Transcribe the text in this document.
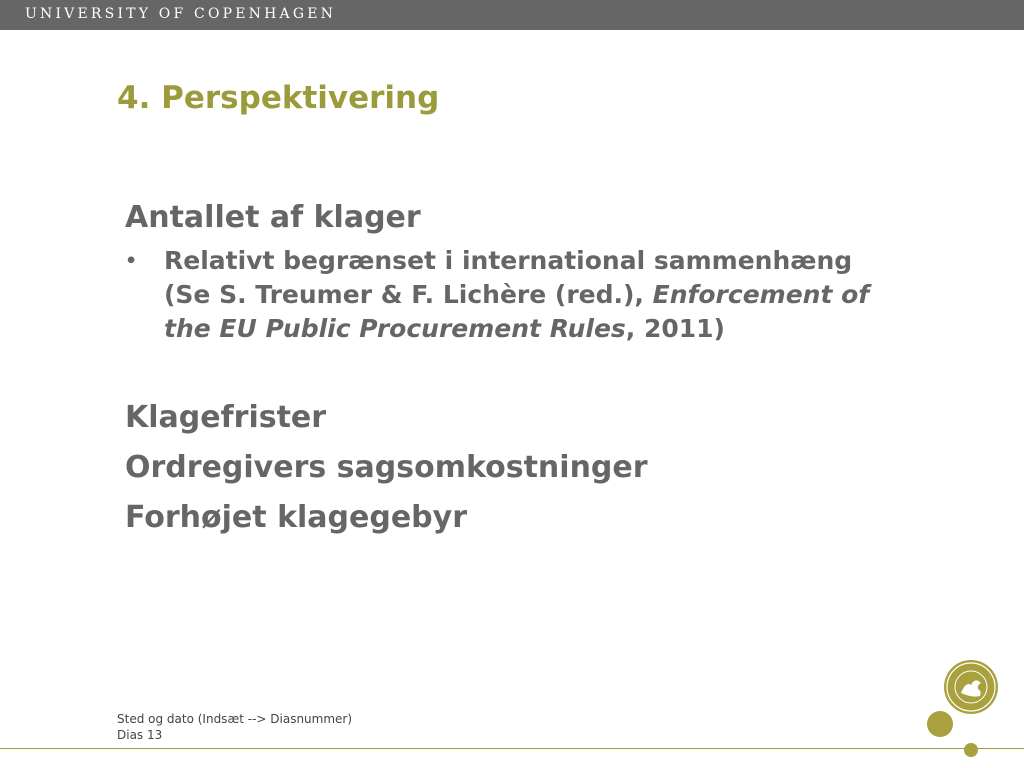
UNIVERSITY OF COPENHAGEN
4. Perspektivering
Antallet af klager
• Relativt begrænset i international sammenhæng (Se S. Treumer & F. Lichère (red.), Enforcement of the EU Public Procurement Rules, 2011)
Klagefrister
Ordregivers sagsomkostninger
Forhøjet klagegebyr
Sted og dato (Indsæt --> Diasnummer)
Dias 13
